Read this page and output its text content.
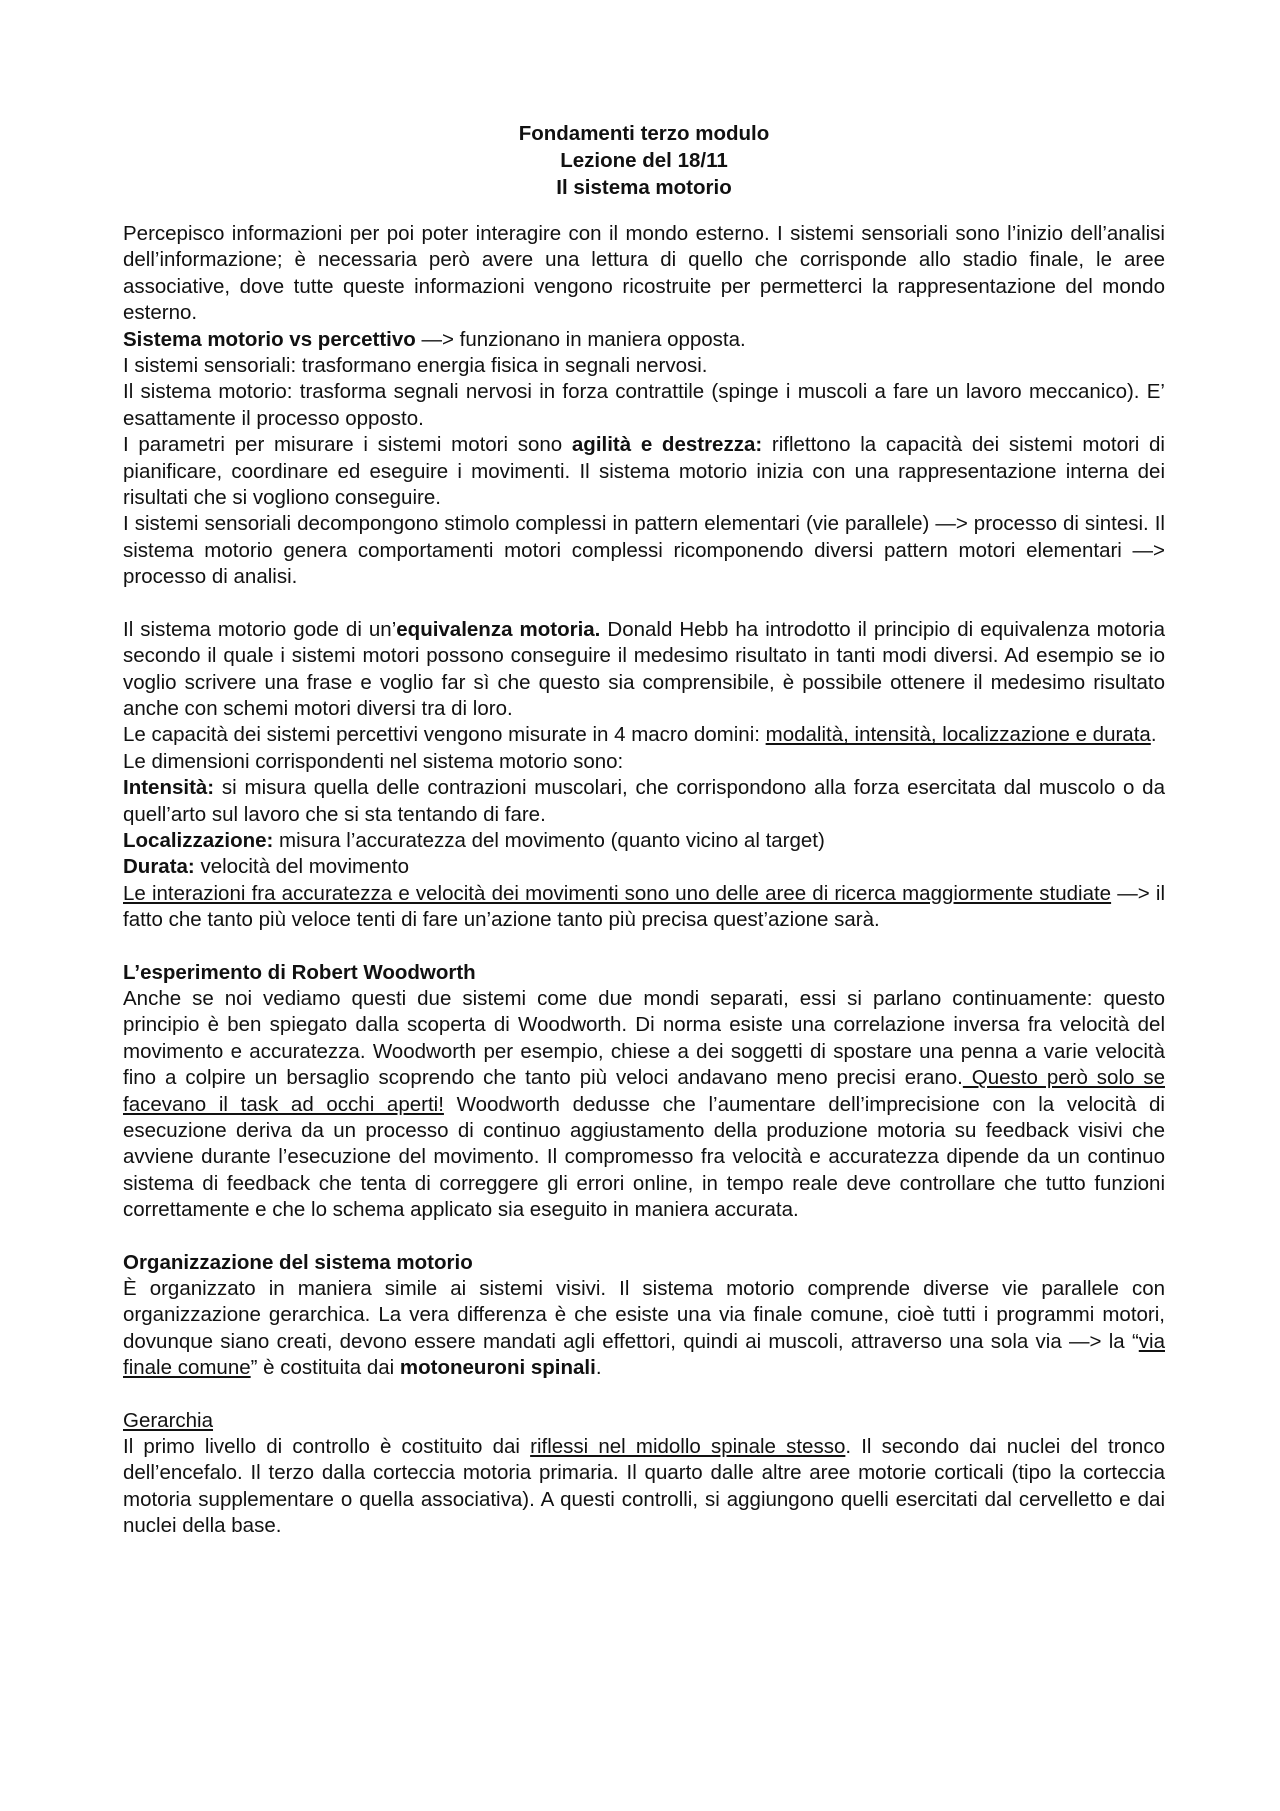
Fondamenti terzo modulo
Lezione del 18/11
Il sistema motorio

Percepisco informazioni per poi poter interagire con il mondo esterno. I sistemi sensoriali sono l’inizio dell’analisi dell’informazione; è necessaria però avere una lettura di quello che corrisponde allo stadio finale, le aree associative, dove tutte queste informazioni vengono ricostruite per permetterci la rappresentazione del mondo esterno.

Sistema motorio vs percettivo —> funzionano in maniera opposta.

I sistemi sensoriali: trasformano energia fisica in segnali nervosi.

Il sistema motorio: trasforma segnali nervosi in forza contrattile (spinge i muscoli a fare un lavoro meccanico). E’ esattamente il processo opposto.

I parametri per misurare i sistemi motori sono agilità e destrezza: riflettono la capacità dei sistemi motori di pianificare, coordinare ed eseguire i movimenti. Il sistema motorio inizia con una rappresentazione interna dei risultati che si vogliono conseguire.

I sistemi sensoriali decompongono stimolo complessi in pattern elementari (vie parallele) —> processo di sintesi. Il sistema motorio genera comportamenti motori complessi ricomponendo diversi pattern motori elementari —> processo di analisi.

Il sistema motorio gode di un’equivalenza motoria. Donald Hebb ha introdotto il principio di equivalenza motoria secondo il quale i sistemi motori possono conseguire il medesimo risultato in tanti modi diversi. Ad esempio se io voglio scrivere una frase e voglio far sì che questo sia comprensibile, è possibile ottenere il medesimo risultato anche con schemi motori diversi tra di loro.

Le capacità dei sistemi percettivi vengono misurate in 4 macro domini: modalità, intensità, localizzazione e durata.

Le dimensioni corrispondenti nel sistema motorio sono:

Intensità: si misura quella delle contrazioni muscolari, che corrispondono alla forza esercitata dal muscolo o da quell’arto sul lavoro che si sta tentando di fare.

Localizzazione: misura l’accuratezza del movimento (quanto vicino al target)

Durata: velocità del movimento

Le interazioni fra accuratezza e velocità dei movimenti sono uno delle aree di ricerca maggiormente studiate —> il fatto che tanto più veloce tenti di fare un’azione tanto più precisa quest’azione sarà.

L’esperimento di Robert Woodworth

Anche se noi vediamo questi due sistemi come due mondi separati, essi si parlano continuamente: questo principio è ben spiegato dalla scoperta di Woodworth. Di norma esiste una correlazione inversa fra velocità del movimento e accuratezza. Woodworth per esempio, chiese a dei soggetti di spostare una penna a varie velocità fino a colpire un bersaglio scoprendo che tanto più veloci andavano meno precisi erano. Questo però solo se facevano il task ad occhi aperti! Woodworth dedusse che l’aumentare dell’imprecisione con la velocità di esecuzione deriva da un processo di continuo aggiustamento della produzione motoria su feedback visivi che avviene durante l’esecuzione del movimento. Il compromesso fra velocità e accuratezza dipende da un continuo sistema di feedback che tenta di correggere gli errori online, in tempo reale deve controllare che tutto funzioni correttamente e che lo schema applicato sia eseguito in maniera accurata.

Organizzazione del sistema motorio

È organizzato in maniera simile ai sistemi visivi. Il sistema motorio comprende diverse vie parallele con organizzazione gerarchica. La vera differenza è che esiste una via finale comune, cioè tutti i programmi motori, dovunque siano creati, devono essere mandati agli effettori, quindi ai muscoli, attraverso una sola via —> la “via finale comune” è costituita dai motoneuroni spinali.

Gerarchia

Il primo livello di controllo è costituito dai riflessi nel midollo spinale stesso. Il secondo dai nuclei del tronco dell’encefalo. Il terzo dalla corteccia motoria primaria. Il quarto dalle altre aree motorie corticali (tipo la corteccia motoria supplementare o quella associativa). A questi controlli, si aggiungono quelli esercitati dal cervelletto e dai nuclei della base.
